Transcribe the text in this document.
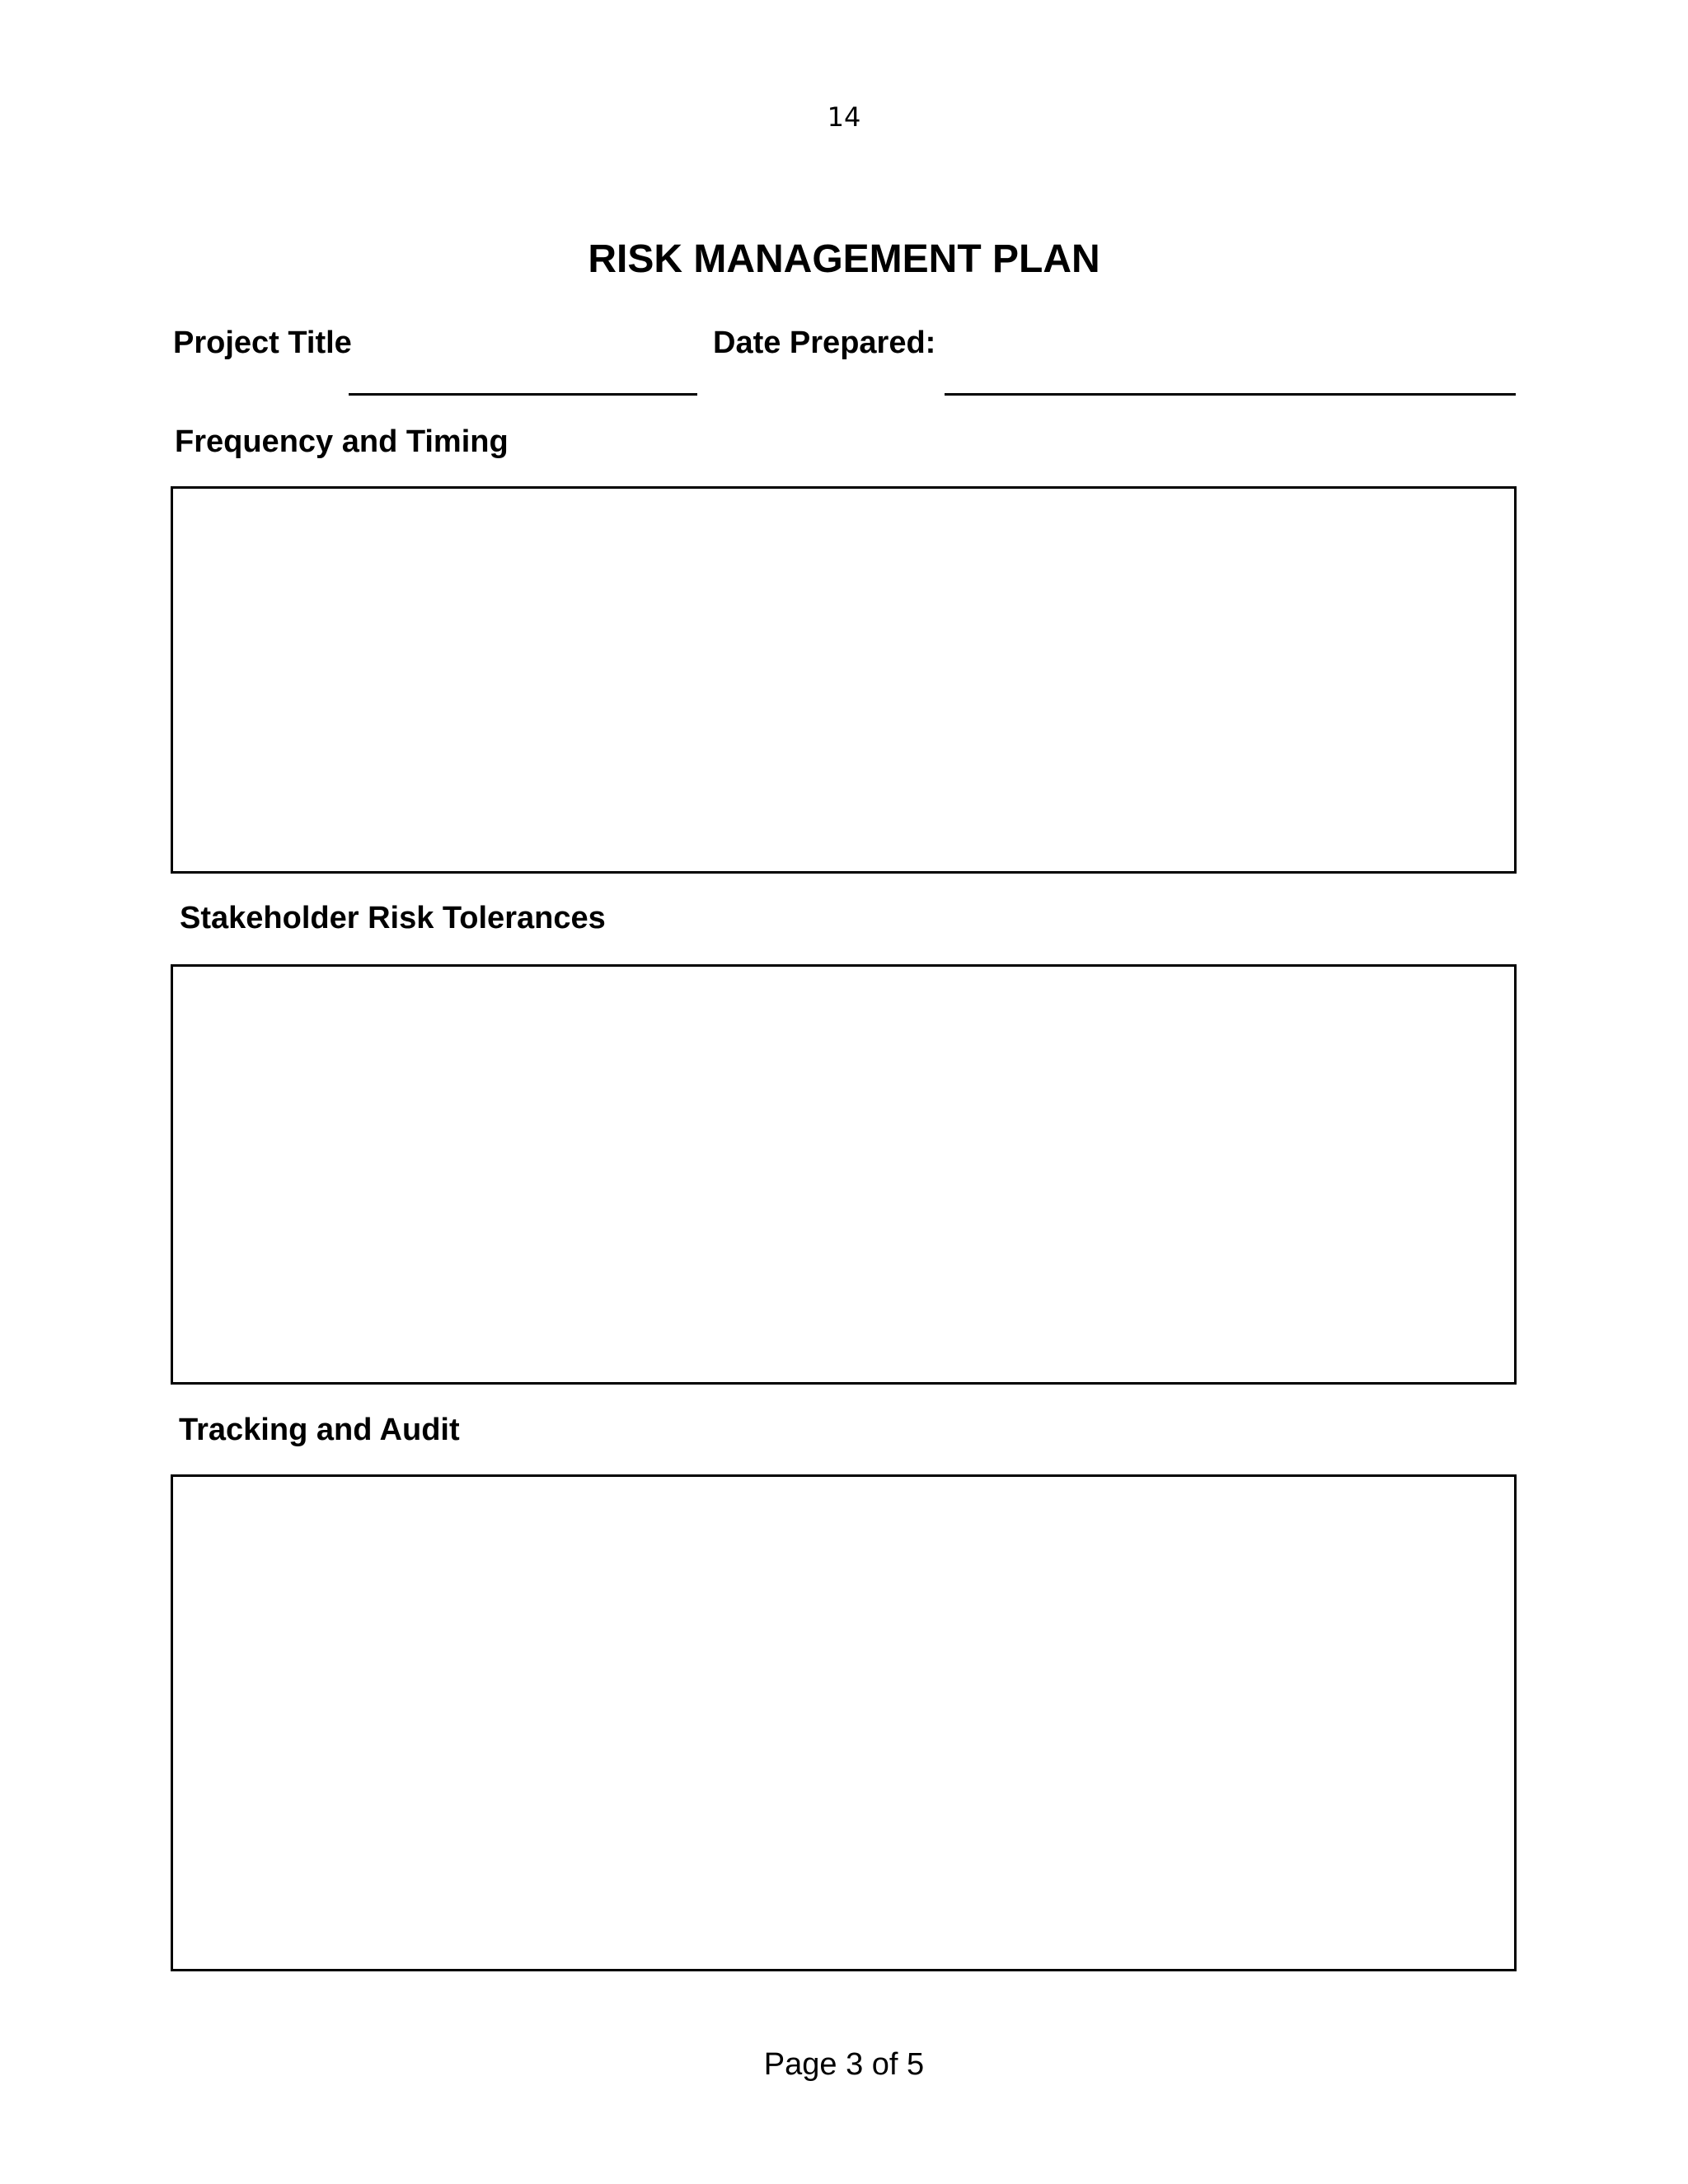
14
RISK MANAGEMENT PLAN
Project Title	Date Prepared:
Frequency and Timing
Stakeholder Risk Tolerances
Tracking and Audit
Page 3 of 5
